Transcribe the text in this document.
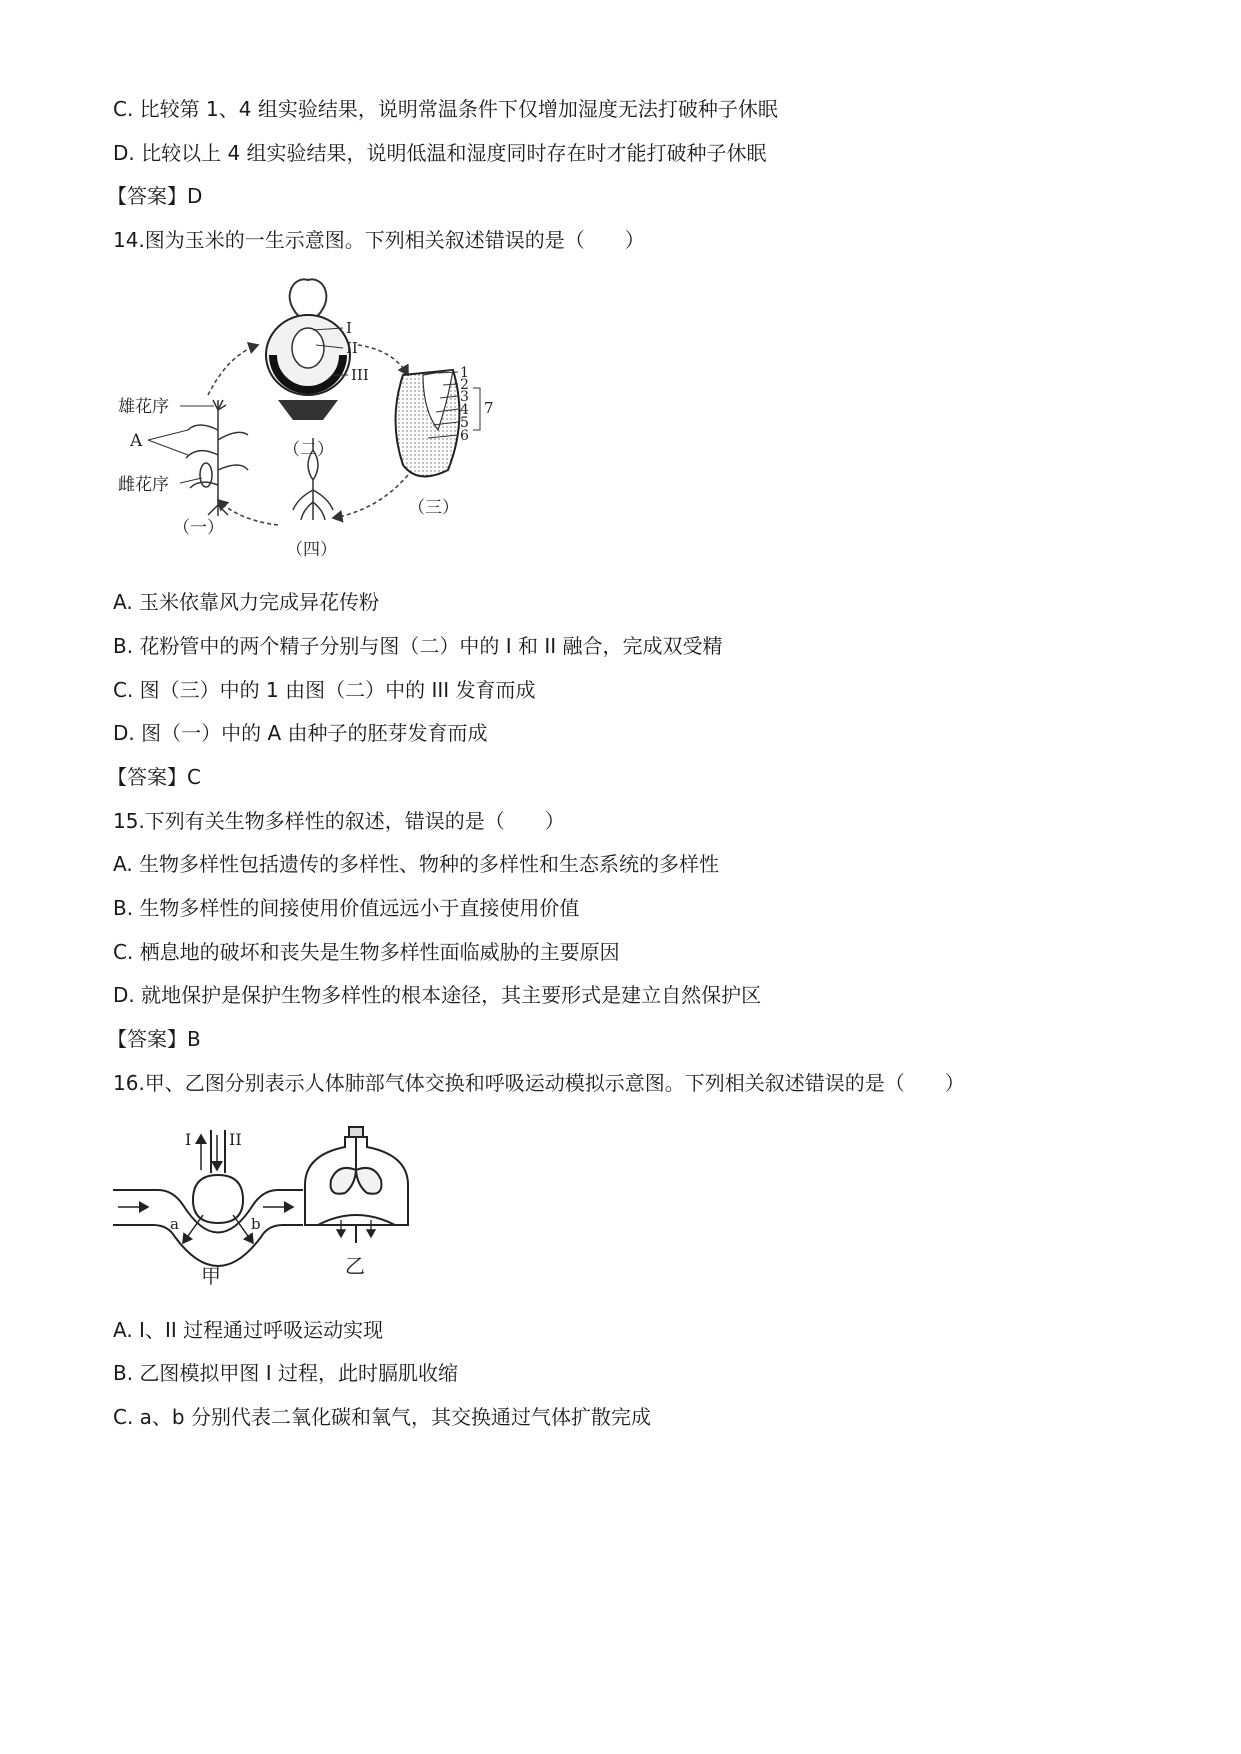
C. 比较第 1、4 组实验结果，说明常温条件下仅增加湿度无法打破种子休眠
D. 比较以上 4 组实验结果，说明低温和湿度同时存在时才能打破种子休眠
【答案】D
14.图为玉米的一生示意图。下列相关叙述错误的是（　　）
I
II
III
（二）
1
2
3
4
5
6
7
（三）
（四）
雄花序
A
雌花序
（一）
A. 玉米依靠风力完成异花传粉
B. 花粉管中的两个精子分别与图（二）中的 I 和 II 融合，完成双受精
C. 图（三）中的 1 由图（二）中的 III 发育而成
D. 图（一）中的 A 由种子的胚芽发育而成
【答案】C
15.下列有关生物多样性的叙述，错误的是（　　）
A. 生物多样性包括遗传的多样性、物种的多样性和生态系统的多样性
B. 生物多样性的间接使用价值远远小于直接使用价值
C. 栖息地的破坏和丧失是生物多样性面临威胁的主要原因
D. 就地保护是保护生物多样性的根本途径，其主要形式是建立自然保护区
【答案】B
16.甲、乙图分别表示人体肺部气体交换和呼吸运动模拟示意图。下列相关叙述错误的是（　　）
I II
a	b
甲	乙
A. I、II 过程通过呼吸运动实现
B. 乙图模拟甲图 I 过程，此时膈肌收缩
C. a、b 分别代表二氧化碳和氧气，其交换通过气体扩散完成
